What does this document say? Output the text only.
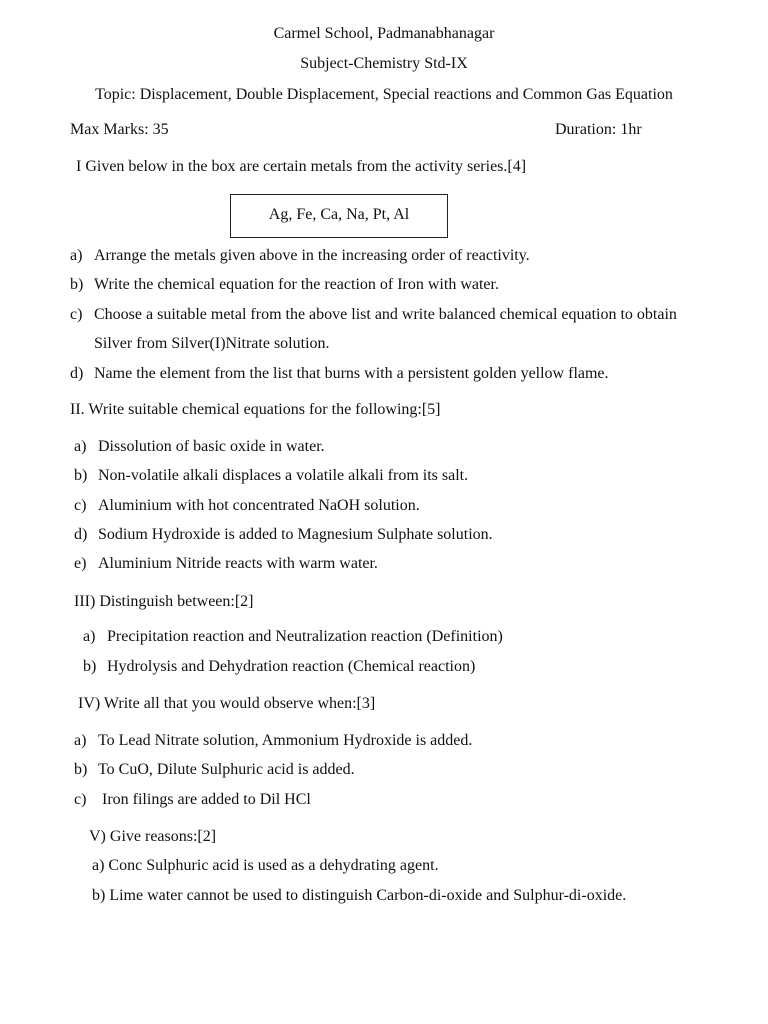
Carmel School, Padmanabhanagar
Subject-Chemistry Std-IX
Topic: Displacement, Double Displacement, Special reactions and Common Gas Equation
Max Marks: 35	Duration: 1hr
I Given below in the box are certain metals from the activity series.[4]
Ag, Fe, Ca, Na, Pt, Al
a) Arrange the metals given above in the increasing order of reactivity.
b) Write the chemical equation for the reaction of Iron with water.
c) Choose a suitable metal from the above list and write balanced chemical equation to obtain
Silver from Silver(I)Nitrate solution.
d) Name the element from the list that burns with a persistent golden yellow flame.
II. Write suitable chemical equations for the following:[5]
a) Dissolution of basic oxide in water.
b) Non-volatile alkali displaces a volatile alkali from its salt.
c) Aluminium with hot concentrated NaOH solution.
d) Sodium Hydroxide is added to Magnesium Sulphate solution.
e) Aluminium Nitride reacts with warm water.
III) Distinguish between:[2]
a) Precipitation reaction and Neutralization reaction (Definition)
b) Hydrolysis and Dehydration reaction (Chemical reaction)
IV) Write all that you would observe when:[3]
a) To Lead Nitrate solution, Ammonium Hydroxide is added.
b) To CuO, Dilute Sulphuric acid is added.
c) Iron filings are added to Dil HCl
V) Give reasons:[2]
a) Conc Sulphuric acid is used as a dehydrating agent.
b) Lime water cannot be used to distinguish Carbon-di-oxide and Sulphur-di-oxide.
